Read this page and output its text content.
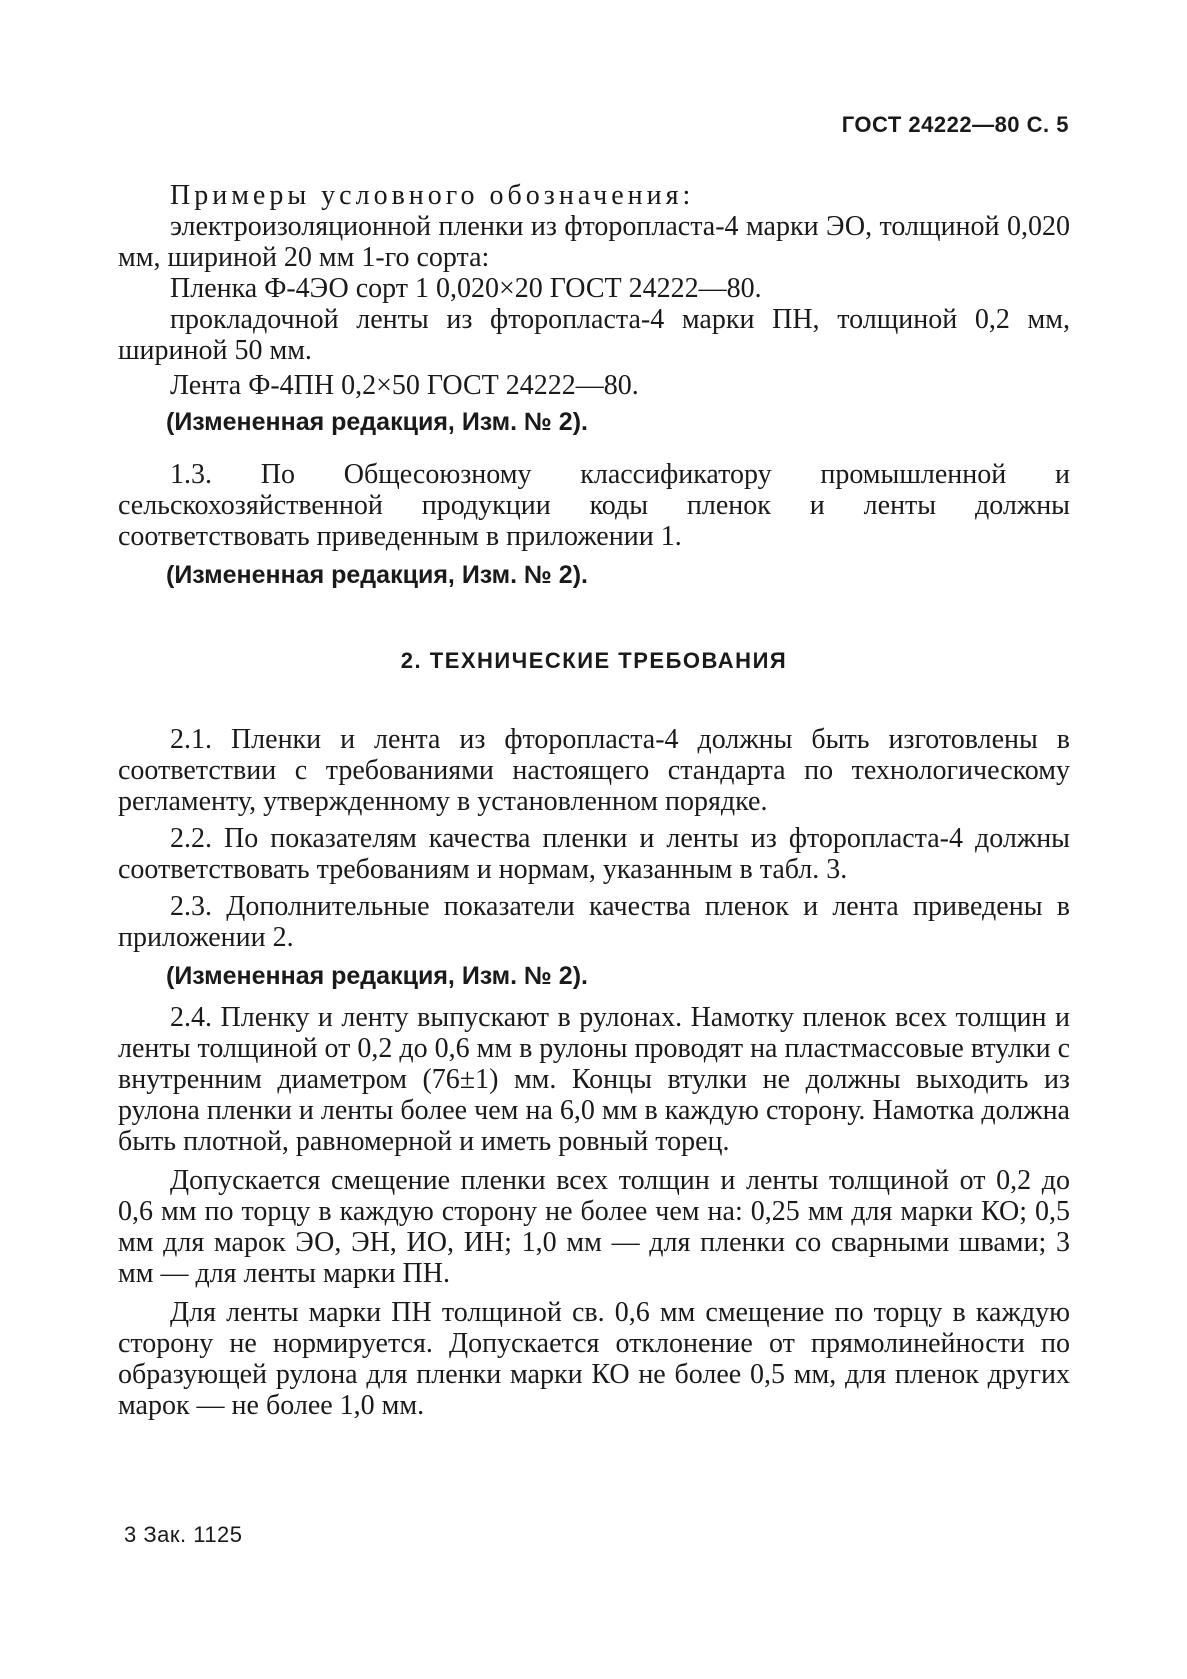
ГОСТ 24222—80 С. 5

Примеры условного обозначения:

электроизоляционной пленки из фторопласта-4 марки ЭО, толщиной 0,020 мм, шириной 20 мм 1-го сорта:

Пленка Ф-4ЭО сорт 1 0,020×20 ГОСТ 24222—80.

прокладочной ленты из фторопласта-4 марки ПН, толщиной 0,2 мм, шириной 50 мм.

Лента Ф-4ПН 0,2×50 ГОСТ 24222—80.

(Измененная редакция, Изм. № 2).

1.3. По Общесоюзному классификатору промышленной и сельскохозяйственной продукции коды пленок и ленты должны соответствовать приведенным в приложении 1.

(Измененная редакция, Изм. № 2).

2. ТЕХНИЧЕСКИЕ ТРЕБОВАНИЯ

2.1. Пленки и лента из фторопласта-4 должны быть изготовлены в соответствии с требованиями настоящего стандарта по технологическому регламенту, утвержденному в установленном порядке.

2.2. По показателям качества пленки и ленты из фторопласта-4 должны соответствовать требованиям и нормам, указанным в табл. 3.

2.3. Дополнительные показатели качества пленок и лента приведены в приложении 2.

(Измененная редакция, Изм. № 2).

2.4. Пленку и ленту выпускают в рулонах. Намотку пленок всех толщин и ленты толщиной от 0,2 до 0,6 мм в рулоны проводят на пластмассовые втулки с внутренним диаметром (76±1) мм. Концы втулки не должны выходить из рулона пленки и ленты более чем на 6,0 мм в каждую сторону. Намотка должна быть плотной, равномерной и иметь ровный торец.

Допускается смещение пленки всех толщин и ленты толщиной от 0,2 до 0,6 мм по торцу в каждую сторону не более чем на: 0,25 мм для марки КО; 0,5 мм для марок ЭО, ЭН, ИО, ИН; 1,0 мм — для пленки со сварными швами; 3 мм — для ленты марки ПН.

Для ленты марки ПН толщиной св. 0,6 мм смещение по торцу в каждую сторону не нормируется. Допускается отклонение от прямолинейности по образующей рулона для пленки марки КО не более 0,5 мм, для пленок других марок — не более 1,0 мм.

3 Зак. 1125
